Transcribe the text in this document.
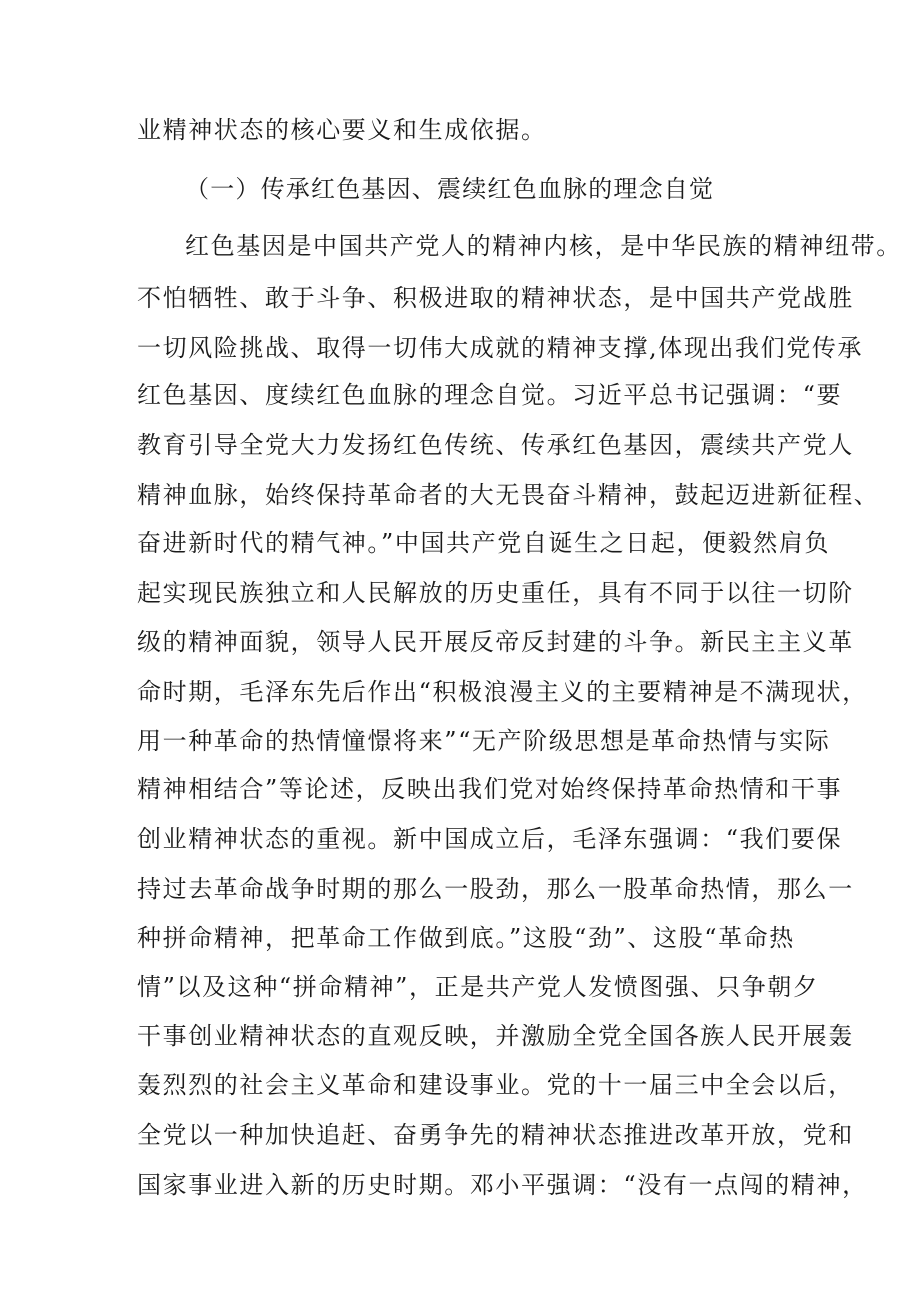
业精神状态的核心要义和生成依据。
（一）传承红色基因、震续红色血脉的理念自觉
红色基因是中国共产党人的精神内核，是中华民族的精神纽带。
不怕牺牲、敢于斗争、积极进取的精神状态，是中国共产党战胜
一切风险挑战、取得一切伟大成就的精神支撑,体现出我们党传承
红色基因、度续红色血脉的理念自觉。习近平总书记强调：“要
教育引导全党大力发扬红色传统、传承红色基因，震续共产党人
精神血脉，始终保持革命者的大无畏奋斗精神，鼓起迈进新征程、
奋进新时代的精气神。”中国共产党自诞生之日起，便毅然肩负
起实现民族独立和人民解放的历史重任，具有不同于以往一切阶
级的精神面貌，领导人民开展反帝反封建的斗争。新民主主义革
命时期，毛泽东先后作出“积极浪漫主义的主要精神是不满现状，
用一种革命的热情憧憬将来”“无产阶级思想是革命热情与实际
精神相结合”等论述，反映出我们党对始终保持革命热情和干事
创业精神状态的重视。新中国成立后，毛泽东强调：“我们要保
持过去革命战争时期的那么一股劲，那么一股革命热情，那么一
种拼命精神，把革命工作做到底。”这股“劲”、这股“革命热
情”以及这种“拼命精神”，正是共产党人发愤图强、只争朝夕
干事创业精神状态的直观反映，并激励全党全国各族人民开展轰
轰烈烈的社会主义革命和建设事业。党的十一届三中全会以后，
全党以一种加快追赶、奋勇争先的精神状态推进改革开放，党和
国家事业进入新的历史时期。邓小平强调：“没有一点闯的精神，
